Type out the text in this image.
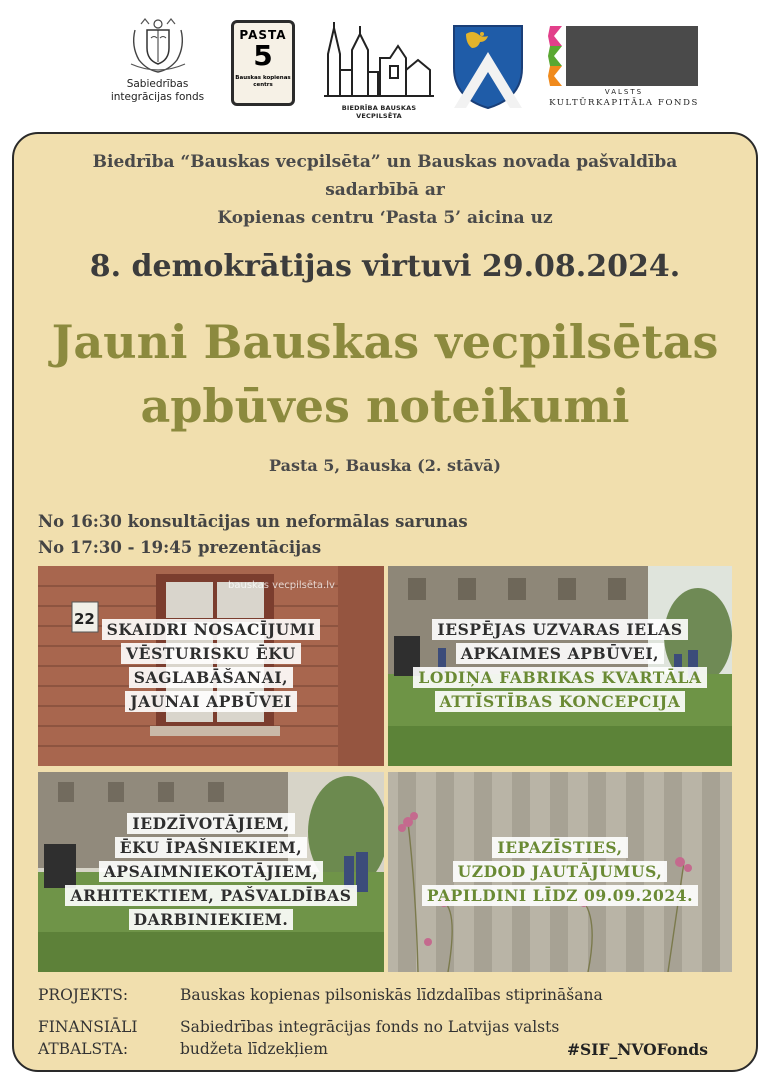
Sabiedrības integrācijas fonds
PASTA
5
Bauskas kopienas
centrs
BIEDRĪBA BAUSKAS VECPILSĒTA
VALSTS
KULTŪRKAPITĀLA FONDS
Biedrība “Bauskas vecpilsēta” un Bauskas novada pašvaldība
sadarbībā ar
Kopienas centru ‘Pasta 5’ aicina uz
8. demokrātijas virtuvi 29.08.2024.
Jauni Bauskas vecpilsētas
apbūves noteikumi
Pasta 5, Bauska (2. stāvā)
No 16:30 konsultācijas un neformālas sarunas
No 17:30 - 19:45 prezentācijas
22
bauskas vecpilsēta.lv
SKAIDRI NOSACĪJUMI
VĒSTURISKU ĒKU
SAGLABĀŠANAI,
JAUNAI APBŪVEI
IESPĒJAS UZVARAS IELAS
APKAIMES APBŪVEI,
LODIŅA FABRIKAS KVARTĀLA
ATTĪSTĪBAS KONCEPCIJA
IEDZĪVOTĀJIEM,
ĒKU ĪPAŠNIEKIEM,
APSAIMNIEKOTĀJIEM,
ARHITEKTIEM, PAŠVALDĪBAS
DARBINIEKIEM.
IEPAZĪSTIES,
UZDOD JAUTĀJUMUS,
PAPILDINI LĪDZ 09.09.2024.
PROJEKTS:	Bauskas kopienas pilsoniskās līdzdalības stiprināšana
FINANSIĀLI
ATBALSTA:
Sabiedrības integrācijas fonds no Latvijas valsts
budžeta līdzekļiem	#SIF_NVOFonds
